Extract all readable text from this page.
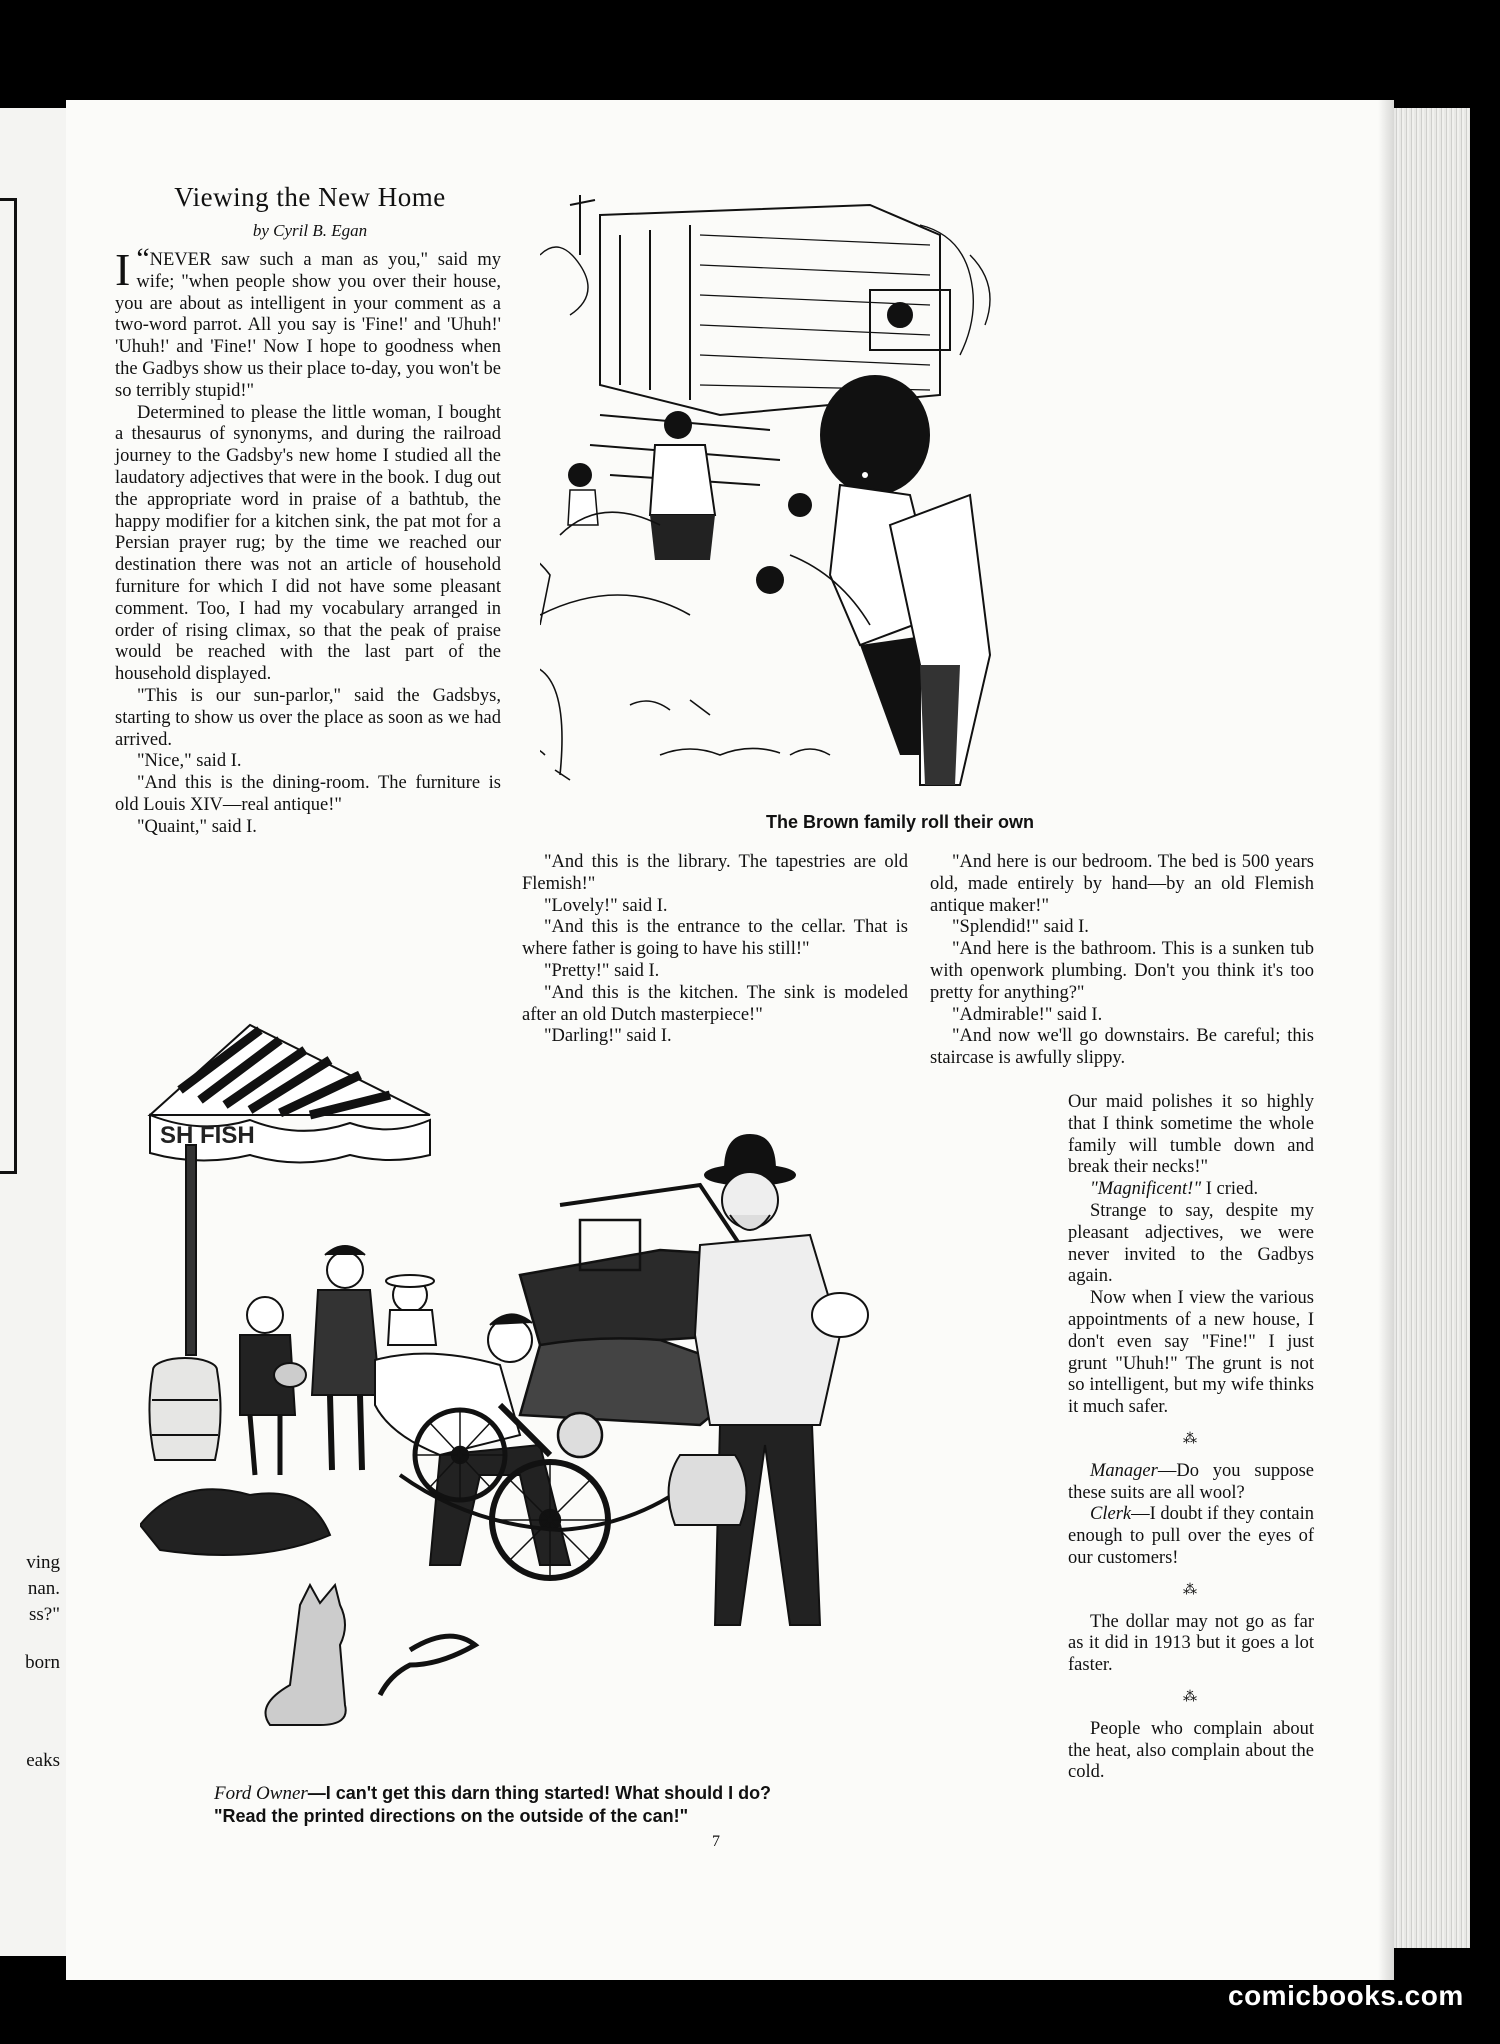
ving
nan.
ss?"
born
eaks
Viewing the New Home
by Cyril B. Egan

“
I NEVER saw such a man as you," said my wife; "when people show you over their house, you are about as intelligent in your comment as a two-word parrot. All you say is 'Fine!' and 'Uhuh!' 'Uhuh!' and 'Fine!' Now I hope to goodness when the Gadbys show us their place to-day, you won't be so terribly stupid!"

Determined to please the little woman, I bought a thesaurus of synonyms, and during the railroad journey to the Gadsby's new home I studied all the laudatory adjectives that were in the book. I dug out the appropriate word in praise of a bathtub, the happy modifier for a kitchen sink, the pat mot for a Persian prayer rug; by the time we reached our destination there was not an article of household furniture for which I did not have some pleasant comment. Too, I had my vocabulary arranged in order of rising climax, so that the peak of praise would be reached with the last part of the household displayed.

"This is our sun-parlor," said the Gadsbys, starting to show us over the place as soon as we had arrived.

"Nice," said I.

"And this is the dining-room. The furniture is old Louis XIV—real antique!"

"Quaint," said I.	The Brown family roll their own

"And this is the library. The tapestries are old Flemish!"

"Lovely!" said I.

"And this is the entrance to the cellar. That is where father is going to have his still!"

"Pretty!" said I.

"And this is the kitchen. The sink is modeled after an old Dutch masterpiece!"

"Darling!" said I.

"And here is our bedroom. The bed is 500 years old, made entirely by hand—by an old Flemish antique maker!"

"Splendid!" said I.

"And here is the bathroom. This is a sunken tub with openwork plumbing. Don't you think it's too pretty for anything?"

"Admirable!" said I.

"And now we'll go downstairs. Be careful; this staircase is awfully slippy.

Our maid polishes it so highly that I think sometime the whole family will tumble down and break their necks!"

"Magnificent!" I cried.

Strange to say, despite my pleasant adjectives, we were never invited to the Gadbys again.

Now when I view the various appointments of a new house, I don't even say "Fine!" I just grunt "Uhuh!" The grunt is not so intelligent, but my wife thinks it much safer.

⁂

Manager—Do you suppose these suits are all wool?

Clerk—I doubt if they contain enough to pull over the eyes of our customers!

⁂

The dollar may not go as far as it did in 1913 but it goes a lot faster.

⁂

People who complain about the heat, also complain about the cold.

SH FISH
Ford Owner—I can't get this darn thing started! What should I do?
"Read the printed directions on the outside of the can!"
7
comicbooks.com
